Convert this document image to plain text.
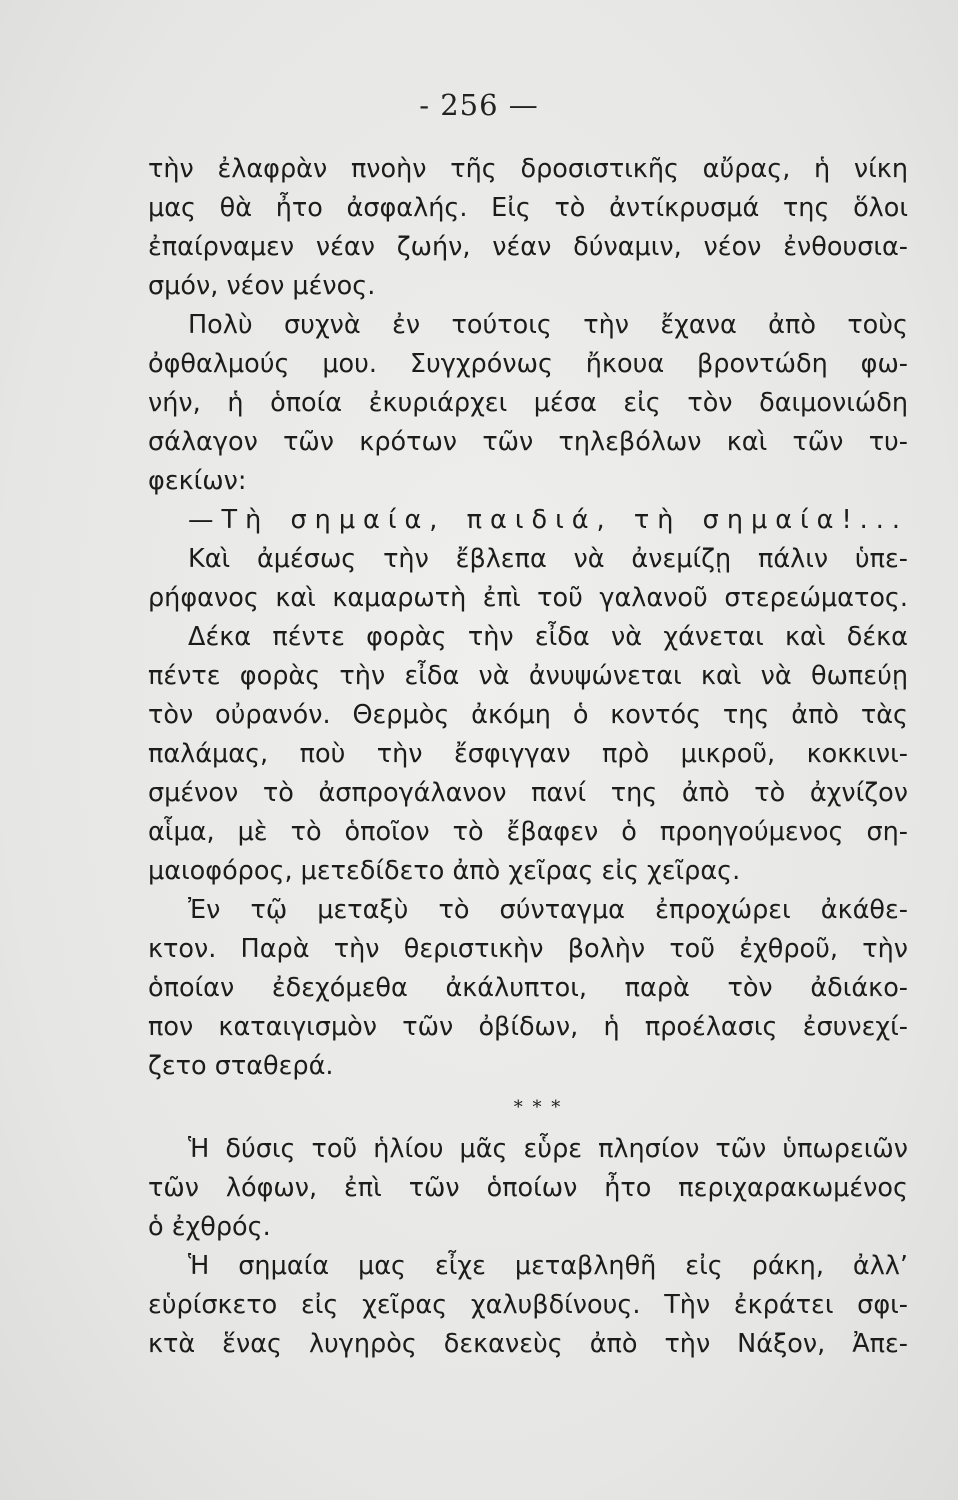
- 256 —
τὴν ἐλαφρὰν πνοὴν τῆς δροσιστικῆς αὔρας, ἡ νίκη
μας θὰ ἦτο ἀσφαλής. Εἰς τὸ ἀντίκρυσμά της ὅλοι
ἐπαίρναμεν νέαν ζωήν, νέαν δύναμιν, νέον ἐνθουσια-
σμόν, νέον μένος.
Πολὺ συχνὰ ἐν τούτοις τὴν ἔχανα ἀπὸ τοὺς
ὀφθαλμούς μου. Συγχρόνως ἤκουα βροντώδη φω-
νήν, ἡ ὁποία ἐκυριάρχει μέσα εἰς τὸν δαιμονιώδη
σάλαγον τῶν κρότων τῶν τηλεβόλων καὶ τῶν τυ-
φεκίων:
—Τὴ σημαία, παιδιά, τὴ σημαία!...
Καὶ ἀμέσως τὴν ἔβλεπα νὰ ἀνεμίζῃ πάλιν ὑπε-
ρήφανος καὶ καμαρωτὴ ἐπὶ τοῦ γαλανοῦ στερεώματος.
Δέκα πέντε φορὰς τὴν εἶδα νὰ χάνεται καὶ δέκα
πέντε φορὰς τὴν εἶδα νὰ ἀνυψώνεται καὶ νὰ θωπεύῃ
τὸν οὐρανόν. Θερμὸς ἀκόμη ὁ κοντός της ἀπὸ τὰς
παλάμας, ποὺ τὴν ἔσφιγγαν πρὸ μικροῦ, κοκκινι-
σμένον τὸ ἀσπρογάλανον πανί της ἀπὸ τὸ ἀχνίζον
αἷμα, μὲ τὸ ὁποῖον τὸ ἔβαφεν ὁ προηγούμενος ση-
μαιοφόρος, μετεδίδετο ἀπὸ χεῖρας εἰς χεῖρας.
Ἐν τῷ μεταξὺ τὸ σύνταγμα ἐπροχώρει ἀκάθε-
κτον. Παρὰ τὴν θεριστικὴν βολὴν τοῦ ἐχθροῦ, τὴν
ὁποίαν ἐδεχόμεθα ἀκάλυπτοι, παρὰ τὸν ἀδιάκο-
πον καταιγισμὸν τῶν ὀβίδων, ἡ προέλασις ἐσυνεχί-
ζετο σταθερά.
* * *
Ἡ δύσις τοῦ ἡλίου μᾶς εὗρε πλησίον τῶν ὑπωρειῶν
τῶν λόφων, ἐπὶ τῶν ὁποίων ἦτο περιχαρακωμένος
ὁ ἐχθρός.
Ἡ σημαία μας εἶχε μεταβληθῆ εἰς ράκη, ἀλλ’
εὑρίσκετο εἰς χεῖρας χαλυβδίνους. Τὴν ἐκράτει σφι-
κτὰ ἕνας λυγηρὸς δεκανεὺς ἀπὸ τὴν Νάξον, Ἀπε-
